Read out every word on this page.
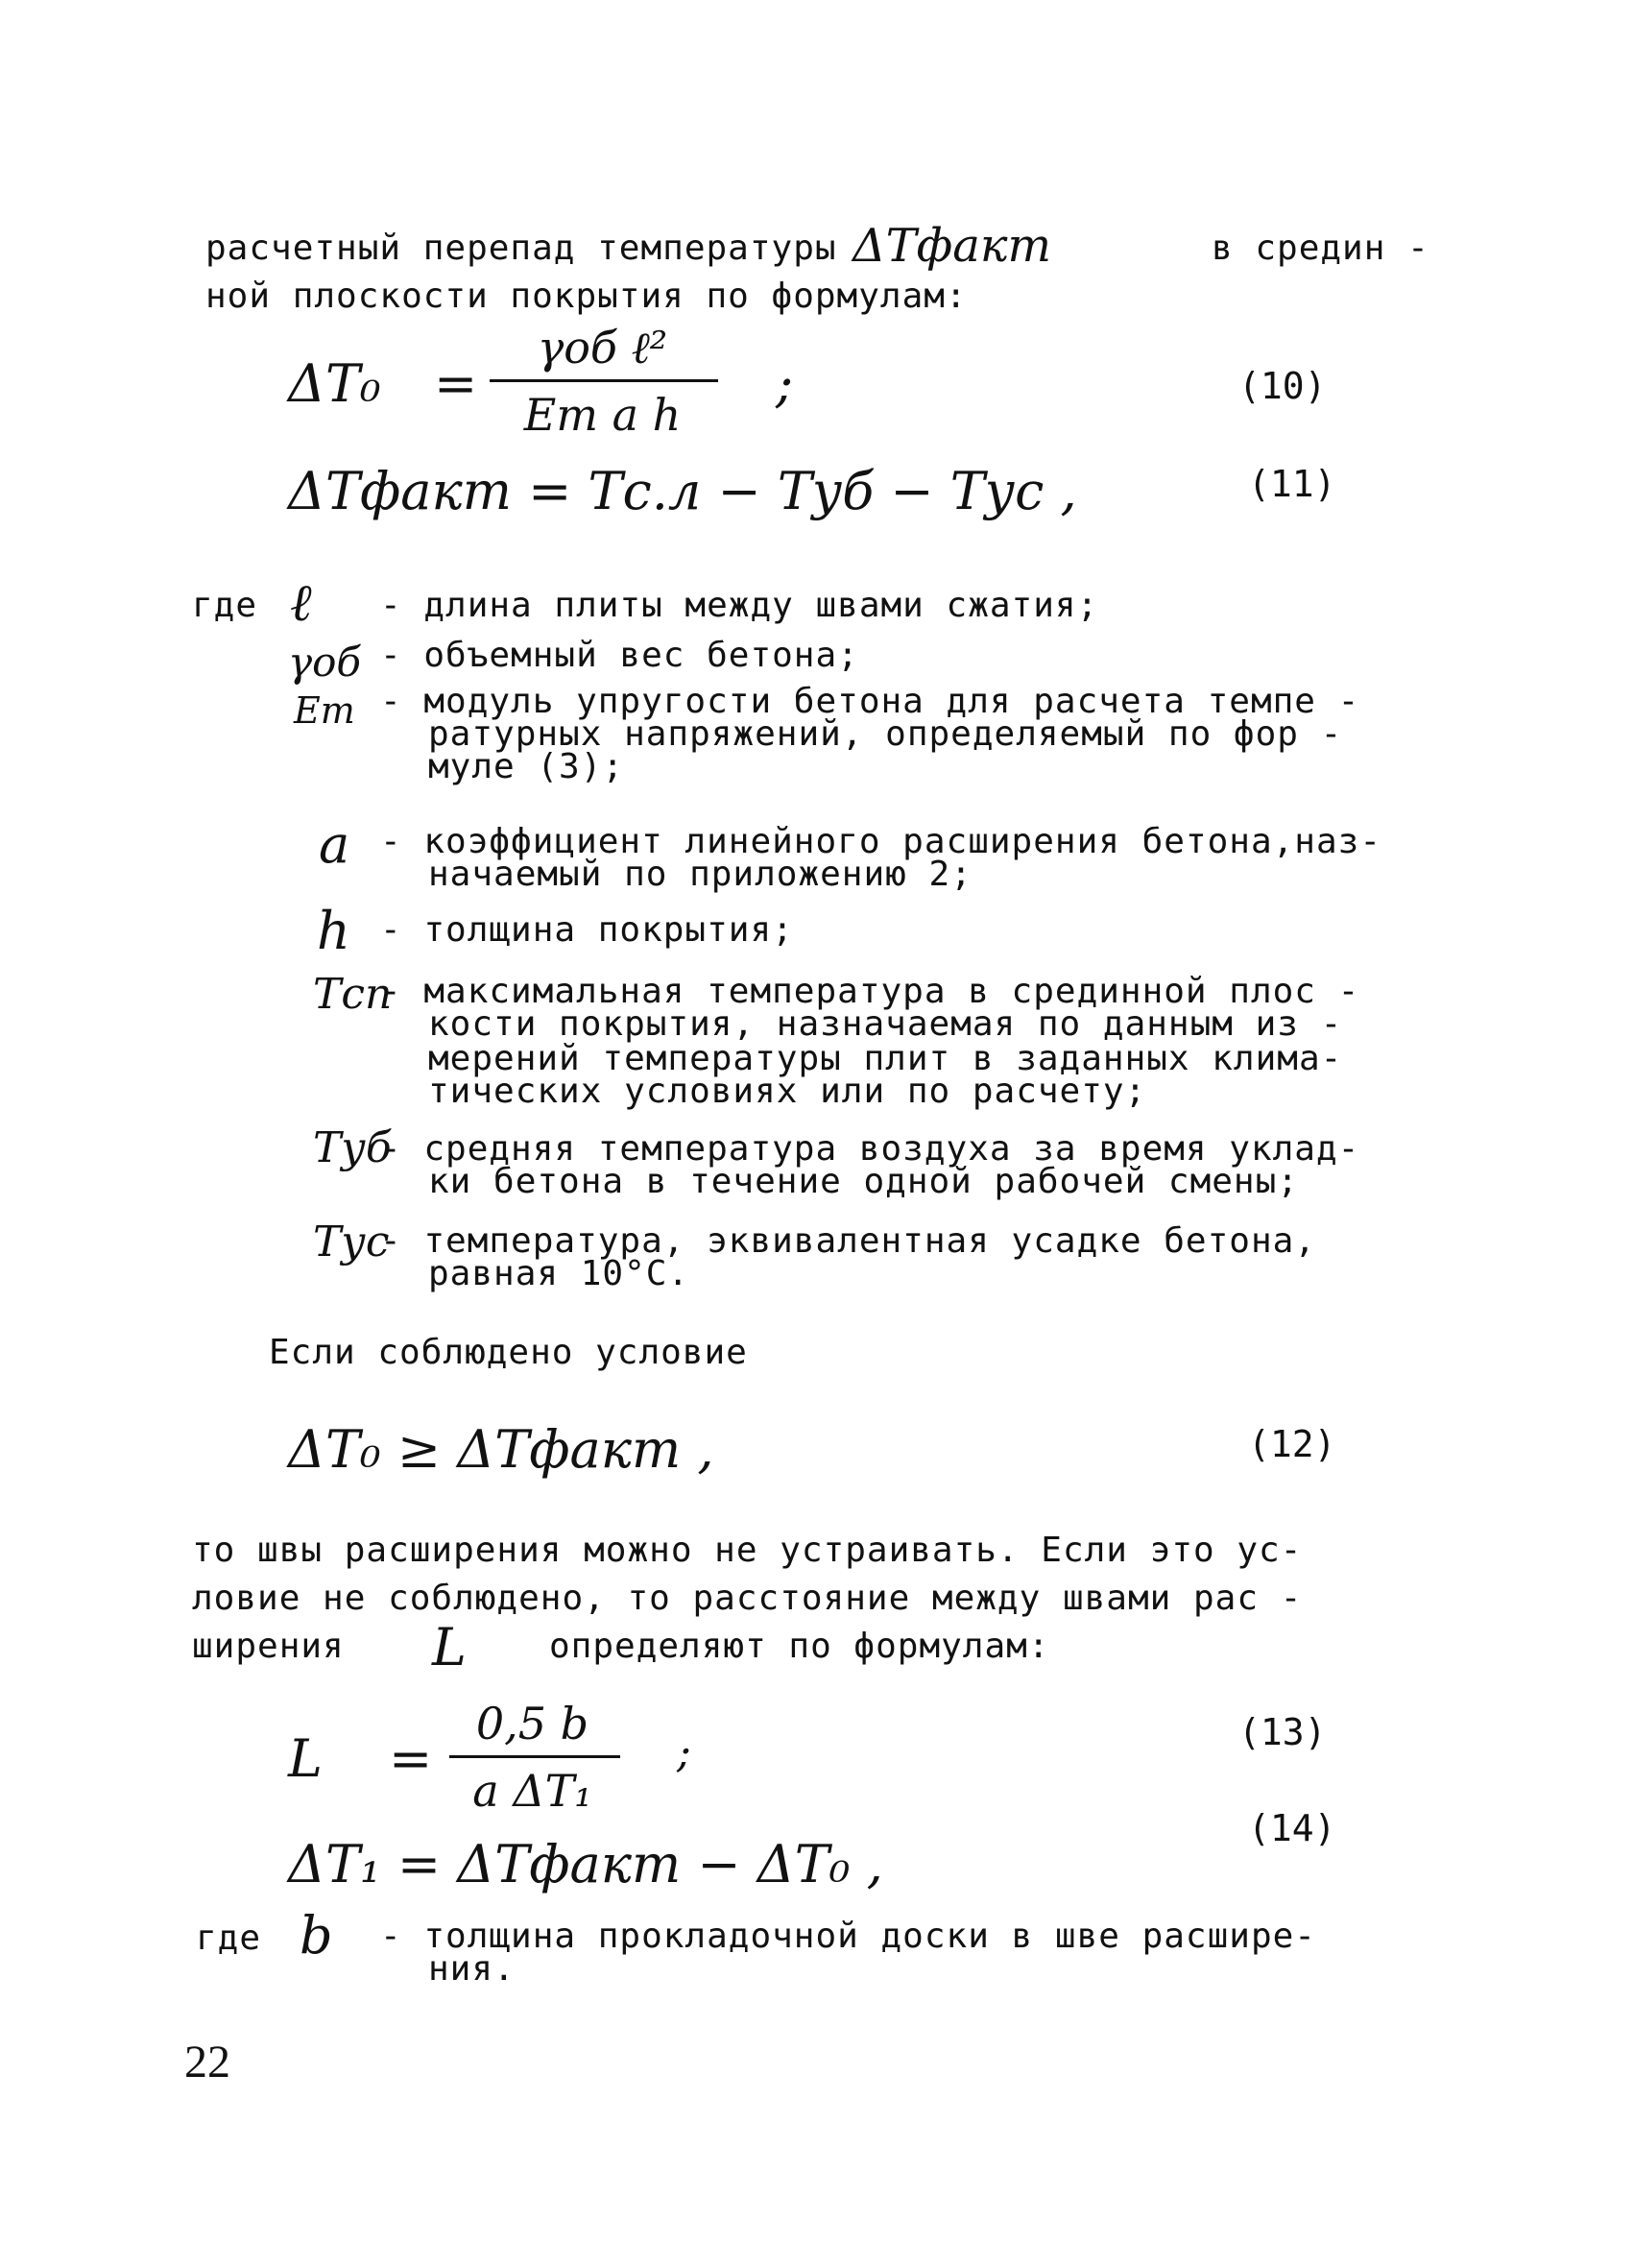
расчетный перепад температуры ΔTфакт	в средин -
ной плоскости покрытия по формулам:
ΔT₀ =
γоб ℓ²
Eт a h
;	(10)
ΔTфакт = Tс.л − Tуб − Tус ,	(11)
где ℓ - длина плиты между швами сжатия;
γоб - объемный вес бетона;
Eт - модуль упругости бетона для расчета темпе -
ратурных напряжений, определяемый по фор -
муле (3);
a - коэффициент линейного расширения бетона,наз-
начаемый по приложению 2;
h - толщина покрытия;
Tсп
- максимальная температура в срединной плос -
кости покрытия, назначаемая по данным из -
мерений температуры плит в заданных клима-
тических условиях или по расчету;
Tуб
- средняя температура воздуха за время уклад-
ки бетона в течение одной рабочей смены;
Tус
- температура, эквивалентная усадке бетона,
равная 10°С.
Если соблюдено условие
ΔT₀ ≥ ΔTфакт ,	(12)
то швы расширения можно не устраивать. Если это ус-
ловие не соблюдено, то расстояние между швами рас -
ширения L определяют по формулам:
L =
0,5 b
a ΔT₁
;	(13)
ΔT₁ = ΔTфакт − ΔT₀ ,
(14)
где b - толщина прокладочной доски в шве расшире-
ния.
22
